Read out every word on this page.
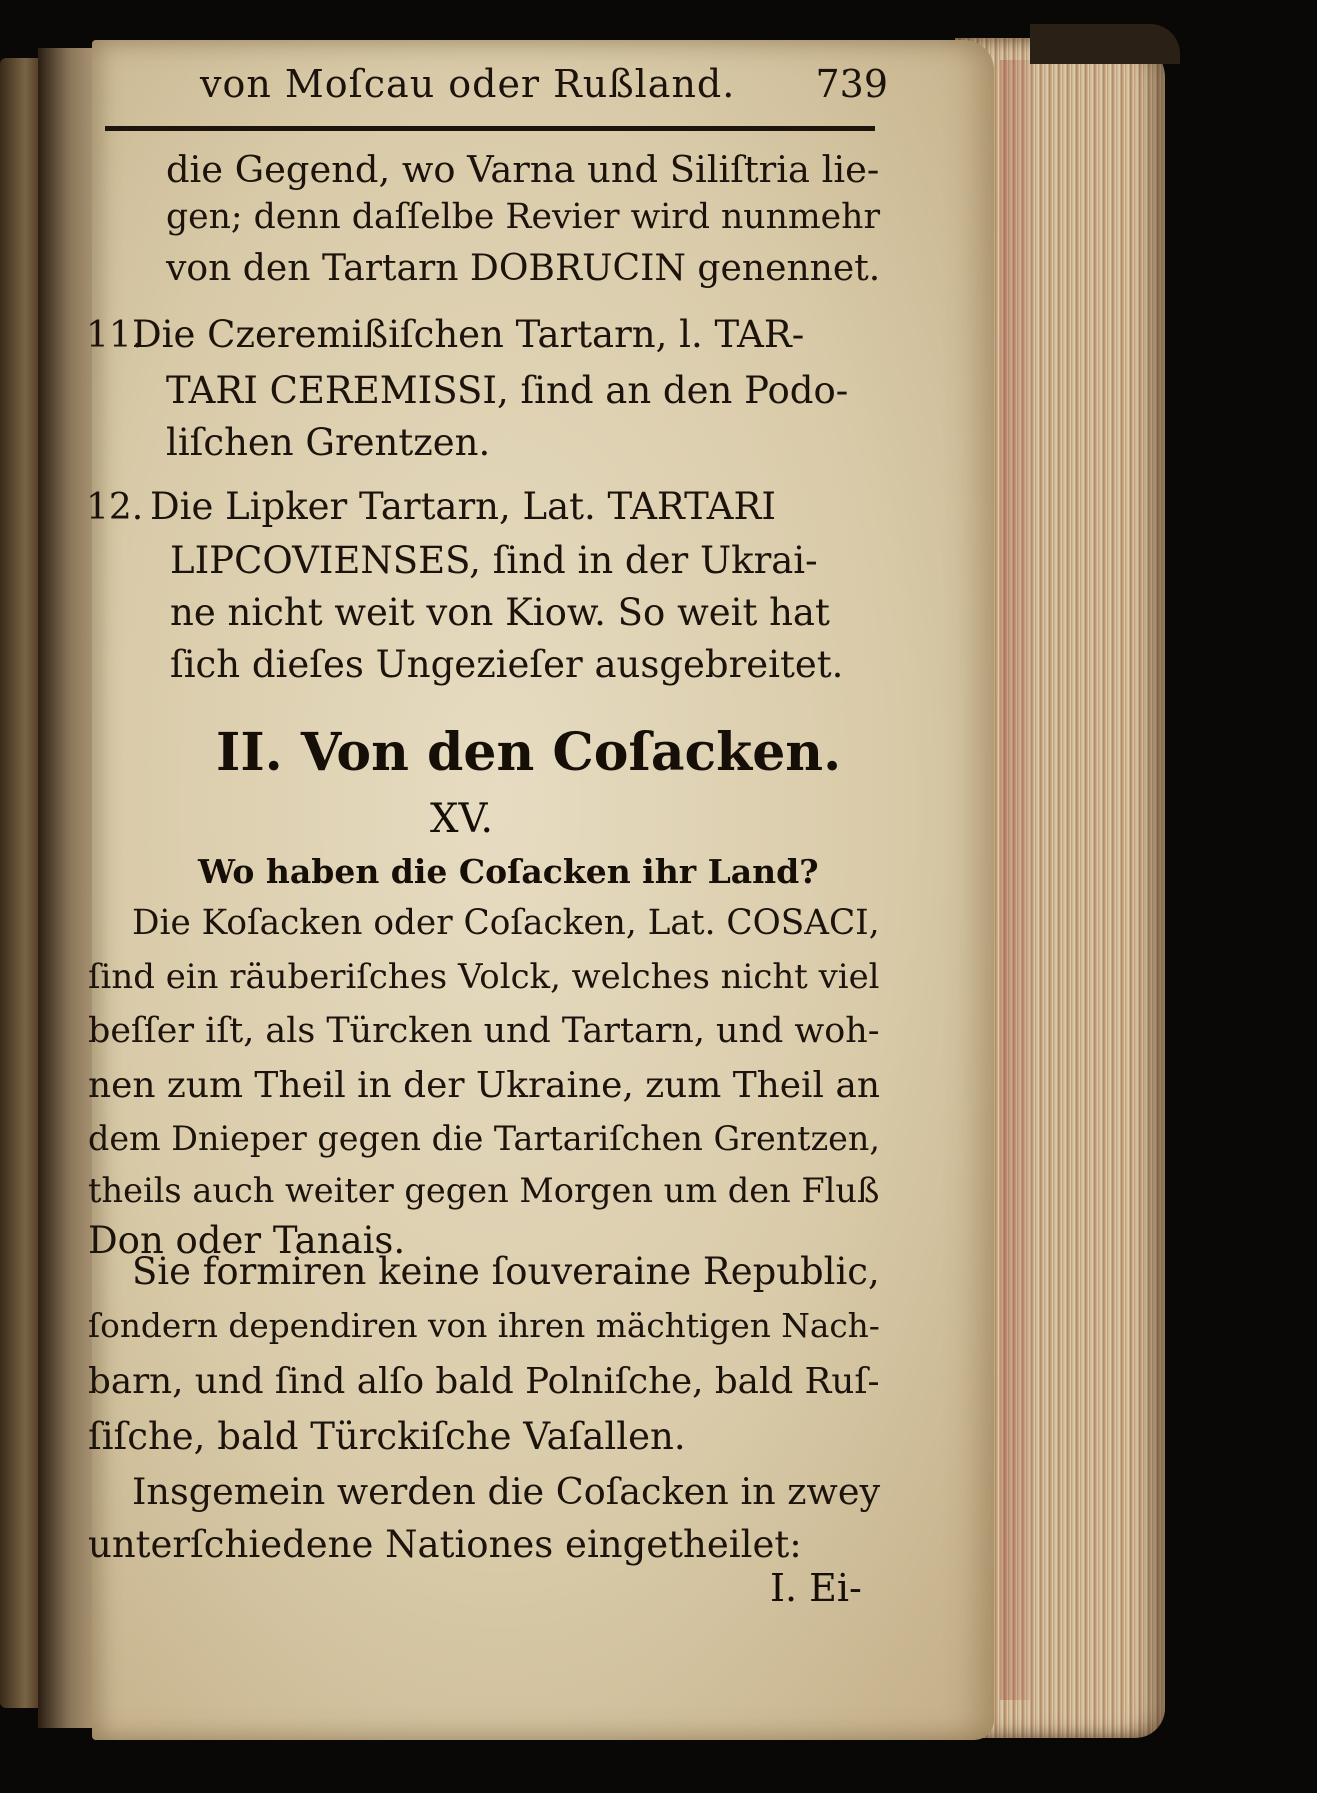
von Moſcau oder Rußland. 739
die Gegend, wo Varna und Siliſtria lie-
gen; denn daſſelbe Revier wird nunmehr
von den Tartarn DOBRUCIN genennet.
11.
Die Czeremißiſchen Tartarn, l. TAR-
TARI CEREMISSI, ſind an den Podo-
liſchen Grentzen.
12. Die Lipker Tartarn, Lat. TARTARI
LIPCOVIENSES, ſind in der Ukrai-
ne nicht weit von Kiow. So weit hat
ſich dieſes Ungezieſer ausgebreitet.
II. Von den Coſacken.
XV.
Wo haben die Coſacken ihr Land?
Die Koſacken oder Coſacken, Lat. COSACI,
ſind ein räuberiſches Volck, welches nicht viel
beſſer iſt, als Türcken und Tartarn, und woh-
nen zum Theil in der Ukraine, zum Theil an
dem Dnieper gegen die Tartariſchen Grentzen,
theils auch weiter gegen Morgen um den Fluß
Don oder Tanais.
Sie formiren keine ſouveraine Republic,
ſondern dependiren von ihren mächtigen Nach-
barn, und ſind alſo bald Polniſche, bald Ruſ-
ſiſche, bald Türckiſche Vaſallen.
Insgemein werden die Coſacken in zwey
unterſchiedene Nationes eingetheilet:
I. Ei-
